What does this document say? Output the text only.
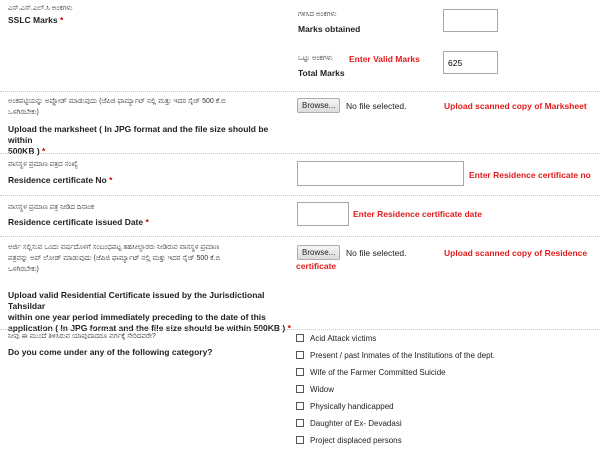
ಎಸ್.ಎಸ್.ಎಲ್.ಸಿ ಅಂಕಗಳು
SSLC Marks *
ಗಳಿಸಿದ ಅಂಕಗಳು
Marks obtained
ಒಟ್ಟು ಅಂಕಗಳು Enter Valid Marks
Total Marks
625
ಅಂಕಪಟ್ಟಿಯನ್ನು ಅಪ್ಲೋಡ್ ಮಾಡುವುದು (ಜೆಪಿಜಿ ಫಾರ್ಮ್ಯಾಟ್ ನಲ್ಲಿ ಮತ್ತು ಇದರ ಸೈಜ್ 500 ಕೆ.ಬಿ
ಒಳಗಿರಬೇಕು)
Upload the marksheet ( In JPG format and the file size should be within
500KB ) *
Browse...	No file selected.	Upload scanned copy of Marksheet
ವಾಸಸ್ಥಳ ಪ್ರಮಾಣ ಪತ್ರದ ಸಂಖ್ಯೆ
Residence certificate No *	Enter Residence certificate no
ವಾಸಸ್ಥಳ ಪ್ರಮಾಣ ಪತ್ರ ನೀಡಿದ ದಿನಾಂಕ
Residence certificate issued Date *
Enter Residence certificate date
ಅರ್ಜಿ ಸಲ್ಲಿಸುವ ಒಂದು ವರ್ಷದೊಳಗೆ ಸಂಬಂಧಪಟ್ಟ ತಹಸೀಲ್ದಾರರು ನೀಡಿರುವ ವಾಸಸ್ಥಳ ಪ್ರಮಾಣ
ಪತ್ರವನ್ನು ಅಪ್ ಲೋಡ್ ಮಾಡುವುದು (ಜೆಪಿಜಿ ಫಾರ್ಮ್ಯಾಟ್ ನಲ್ಲಿ ಮತ್ತು ಇದರ ಸೈಜ್ 500 ಕೆ.ಬಿ
ಒಳಗಿರಬೇಕು)
Upload valid Residential Certificate issued by the Jurisdictional Tahsildar
within one year period immediately preceding to the date of this
application ( In JPG format and the file size should be within 500KB ) *
Browse...	No file selected.	Upload scanned copy of Residence
certificate
ನೀವು ಈ ಮುಂದೆ ತಿಳಿಸಿರುವ ಯಾವುದಾದರೂ ವರ್ಗಕ್ಕೆ ಸೇರಿದವರೇ?
Do you come under any of the following category?
Acid Attack victims
Present / past Inmates of the Institutions of the dept.
Wife of the Farmer Committed Suicide
Widow
Physically handicapped
Daughter of Ex- Devadasi
Project displaced persons
